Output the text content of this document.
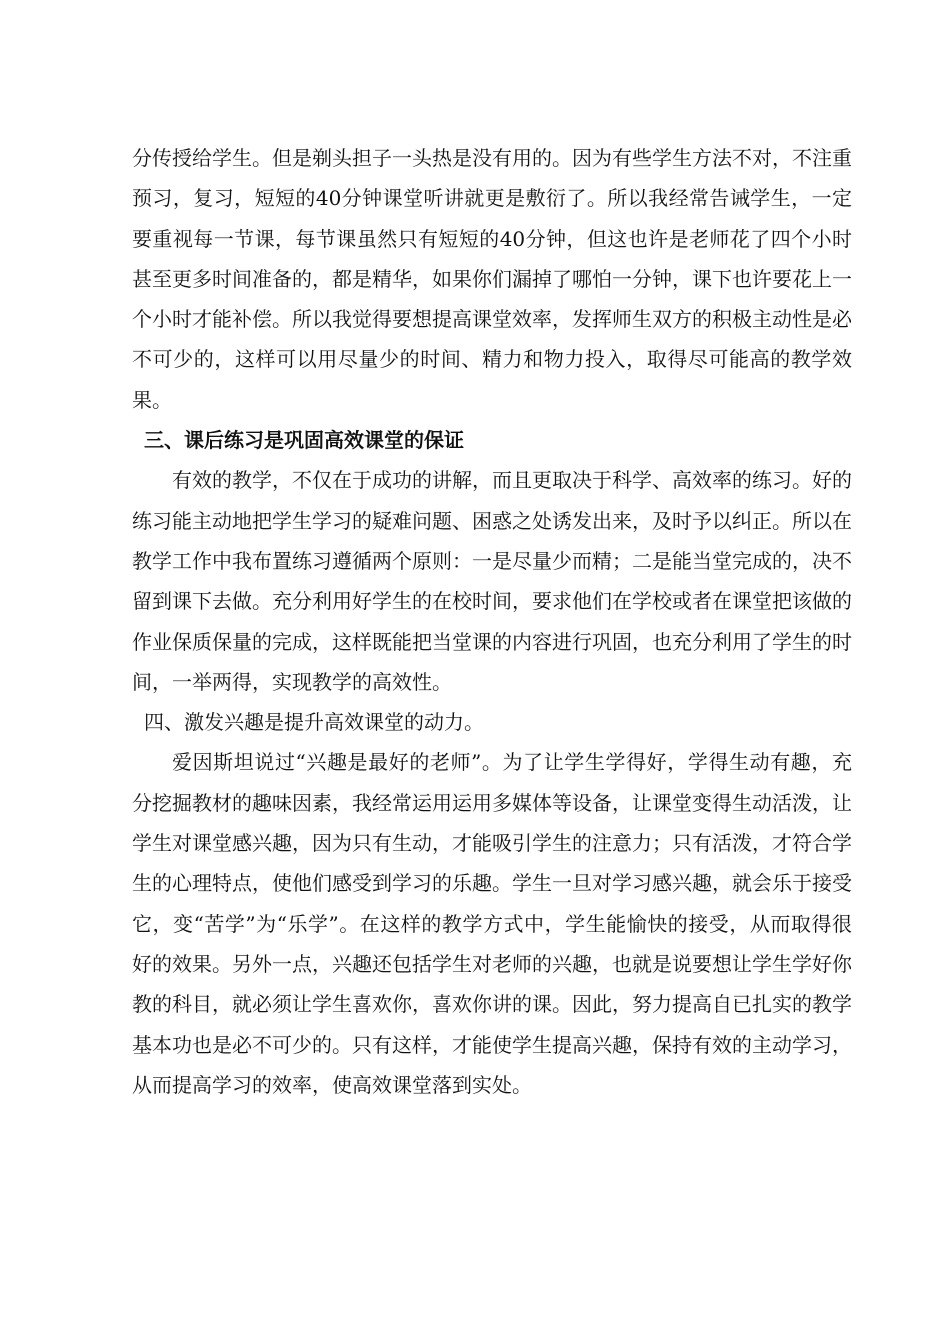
分传授给学生。但是剃头担子一头热是没有用的。因为有些学生方法不对，不注重预习，复习，短短的40分钟课堂听讲就更是敷衍了。所以我经常告诫学生，一定要重视每一节课，每节课虽然只有短短的40分钟，但这也许是老师花了四个小时甚至更多时间准备的，都是精华，如果你们漏掉了哪怕一分钟，课下也许要花上一个小时才能补偿。所以我觉得要想提高课堂效率，发挥师生双方的积极主动性是必不可少的，这样可以用尽量少的时间、精力和物力投入，取得尽可能高的教学效果。

三、课后练习是巩固高效课堂的保证

有效的教学，不仅在于成功的讲解，而且更取决于科学、高效率的练习。好的练习能主动地把学生学习的疑难问题、困惑之处诱发出来，及时予以纠正。所以在教学工作中我布置练习遵循两个原则：一是尽量少而精；二是能当堂完成的，决不留到课下去做。充分利用好学生的在校时间，要求他们在学校或者在课堂把该做的作业保质保量的完成，这样既能把当堂课的内容进行巩固，也充分利用了学生的时间，一举两得，实现教学的高效性。

四、激发兴趣是提升高效课堂的动力。

爱因斯坦说过“兴趣是最好的老师”。为了让学生学得好，学得生动有趣，充分挖掘教材的趣味因素，我经常运用运用多媒体等设备，让课堂变得生动活泼，让学生对课堂感兴趣，因为只有生动，才能吸引学生的注意力；只有活泼，才符合学生的心理特点，使他们感受到学习的乐趣。学生一旦对学习感兴趣，就会乐于接受它，变“苦学”为“乐学”。在这样的教学方式中，学生能愉快的接受，从而取得很好的效果。另外一点，兴趣还包括学生对老师的兴趣，也就是说要想让学生学好你教的科目，就必须让学生喜欢你，喜欢你讲的课。因此，努力提高自已扎实的教学基本功也是必不可少的。只有这样，才能使学生提高兴趣，保持有效的主动学习，从而提高学习的效率，使高效课堂落到实处。
